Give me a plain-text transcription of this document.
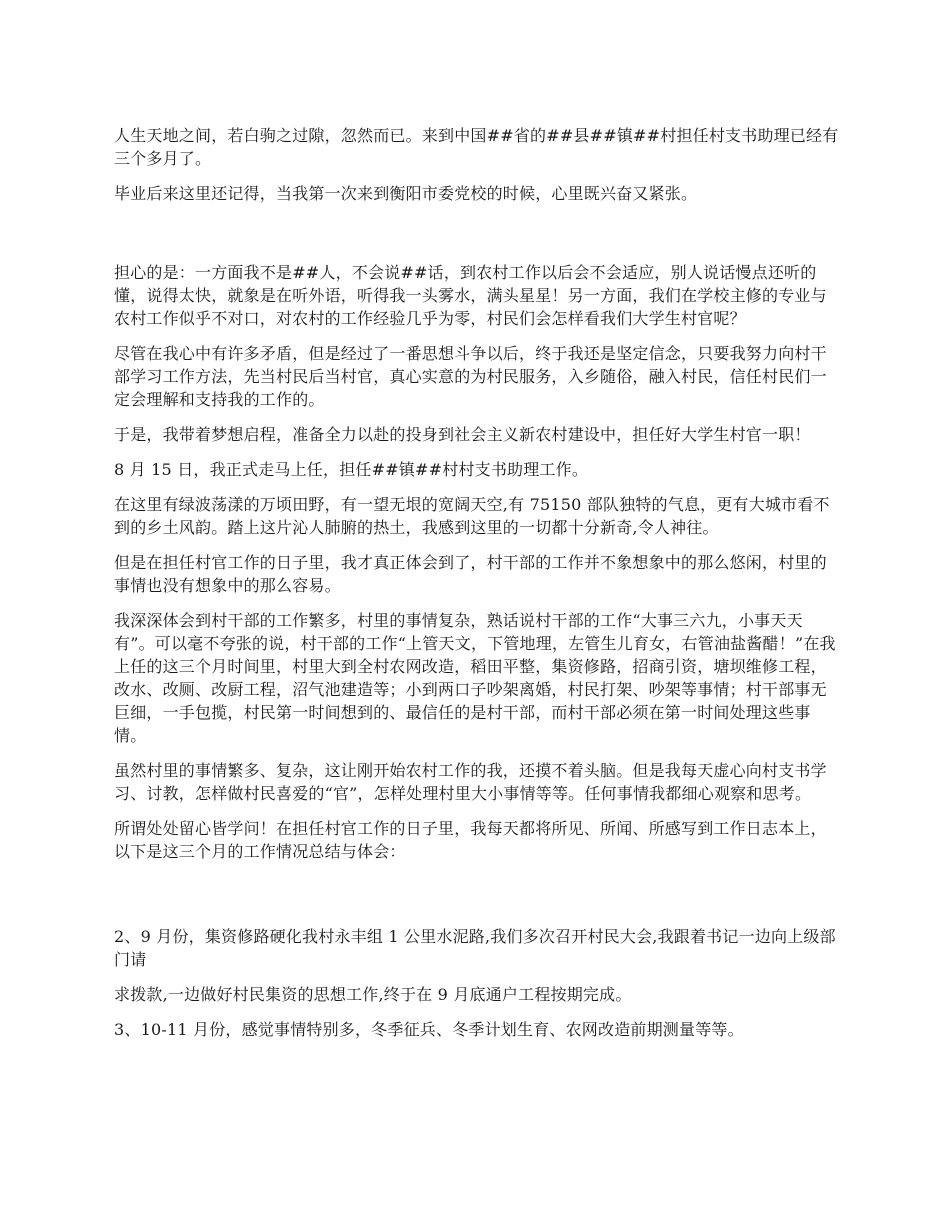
人生天地之间，若白驹之过隙，忽然而已。来到中国##省的##县##镇##村担任村支书助理已经有三个多月了。

毕业后来这里还记得，当我第一次来到衡阳市委党校的时候，心里既兴奋又紧张。

担心的是：一方面我不是##人，不会说##话，到农村工作以后会不会适应，别人说话慢点还听的懂，说得太快，就象是在听外语，听得我一头雾水，满头星星！另一方面，我们在学校主修的专业与农村工作似乎不对口，对农村的工作经验几乎为零，村民们会怎样看我们大学生村官呢？

尽管在我心中有许多矛盾，但是经过了一番思想斗争以后，终于我还是坚定信念，只要我努力向村干部学习工作方法，先当村民后当村官，真心实意的为村民服务，入乡随俗，融入村民，信任村民们一定会理解和支持我的工作的。

于是，我带着梦想启程，准备全力以赴的投身到社会主义新农村建设中，担任好大学生村官一职！

8 月 15 日，我正式走马上任，担任##镇##村村支书助理工作。

在这里有绿波荡漾的万顷田野，有一望无垠的宽阔天空,有 75150 部队独特的气息，更有大城市看不到的乡土风韵。踏上这片沁人肺腑的热土，我感到这里的一切都十分新奇,令人神往。

但是在担任村官工作的日子里，我才真正体会到了，村干部的工作并不象想象中的那么悠闲，村里的事情也没有想象中的那么容易。

我深深体会到村干部的工作繁多，村里的事情复杂，熟话说村干部的工作“大事三六九，小事天天有”。可以毫不夸张的说，村干部的工作“上管天文，下管地理，左管生儿育女，右管油盐酱醋！”在我上任的这三个月时间里，村里大到全村农网改造，稻田平整，集资修路，招商引资，塘坝维修工程，改水、改厕、改厨工程，沼气池建造等；小到两口子吵架离婚，村民打架、吵架等事情；村干部事无巨细，一手包揽，村民第一时间想到的、最信任的是村干部，而村干部必须在第一时间处理这些事情。

虽然村里的事情繁多、复杂，这让刚开始农村工作的我，还摸不着头脑。但是我每天虚心向村支书学习、讨教，怎样做村民喜爱的“官”，怎样处理村里大小事情等等。任何事情我都细心观察和思考。

所谓处处留心皆学问！在担任村官工作的日子里，我每天都将所见、所闻、所感写到工作日志本上，以下是这三个月的工作情况总结与体会：

2、9 月份，集资修路硬化我村永丰组 1 公里水泥路,我们多次召开村民大会,我跟着书记一边向上级部门请

求拨款,一边做好村民集资的思想工作,终于在 9 月底通户工程按期完成。

3、10-11 月份，感觉事情特别多，冬季征兵、冬季计划生育、农网改造前期测量等等。
